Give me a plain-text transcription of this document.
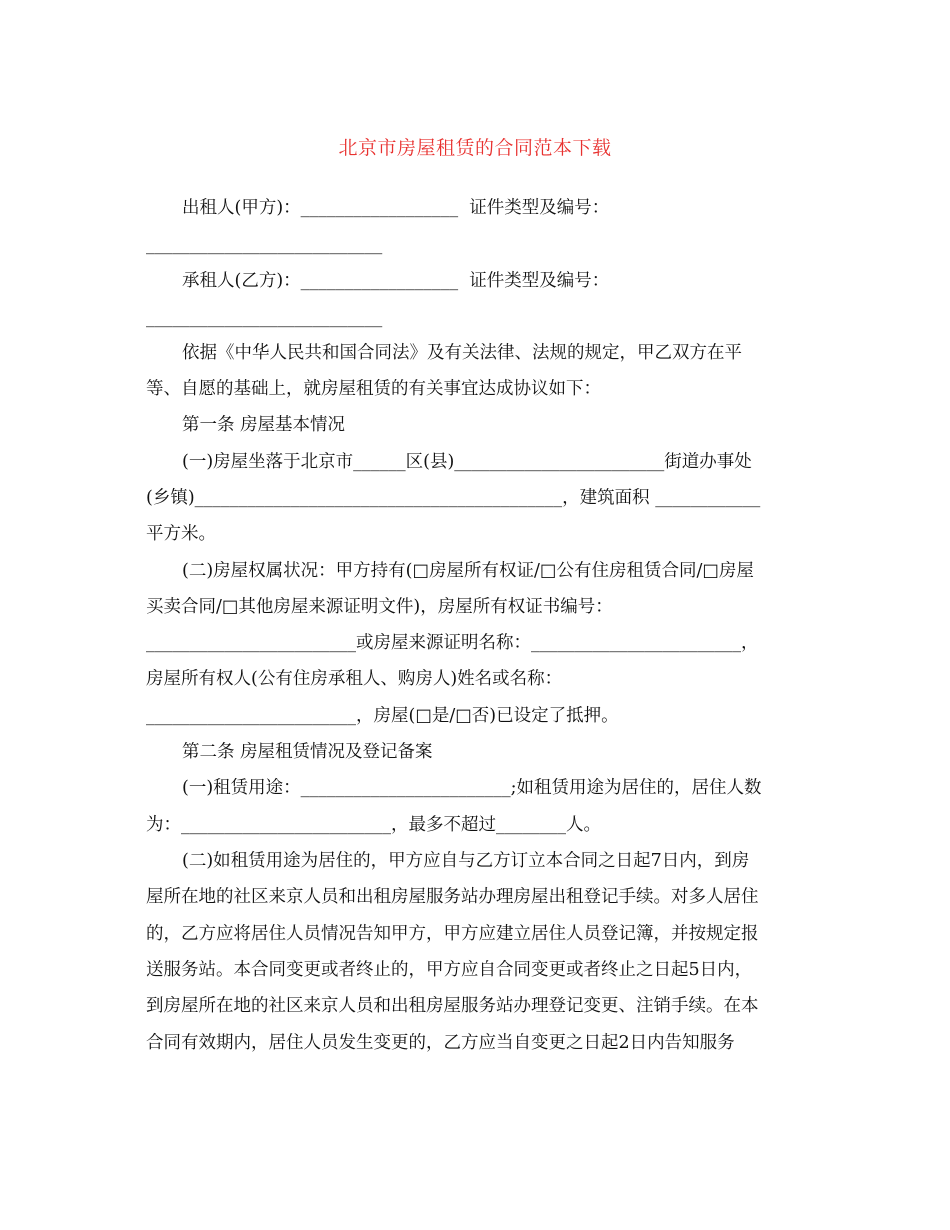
北京市房屋租赁的合同范本下载
出租人(甲方)：__________________  证件类型及编号：
___________________________
承租人(乙方)：__________________  证件类型及编号：
___________________________
依据《中华人民共和国合同法》及有关法律、法规的规定，甲乙双方在平
等、自愿的基础上，就房屋租赁的有关事宜达成协议如下：
第一条 房屋基本情况
(一)房屋坐落于北京市______区(县)________________________街道办事处
(乡镇)__________________________________________，建筑面积 ____________
平方米。
(二)房屋权属状况：甲方持有(□房屋所有权证/□公有住房租赁合同/□房屋
买卖合同/□其他房屋来源证明文件)，房屋所有权证书编号：
________________________或房屋来源证明名称：________________________，
房屋所有权人(公有住房承租人、购房人)姓名或名称：
________________________，房屋(□是/□否)已设定了抵押。
第二条 房屋租赁情况及登记备案
(一)租赁用途：________________________;如租赁用途为居住的，居住人数
为：________________________，最多不超过________人。
(二)如租赁用途为居住的，甲方应自与乙方订立本合同之日起7日内，到房
屋所在地的社区来京人员和出租房屋服务站办理房屋出租登记手续。对多人居住
的，乙方应将居住人员情况告知甲方，甲方应建立居住人员登记簿，并按规定报
送服务站。本合同变更或者终止的，甲方应自合同变更或者终止之日起5日内，
到房屋所在地的社区来京人员和出租房屋服务站办理登记变更、注销手续。在本
合同有效期内，居住人员发生变更的，乙方应当自变更之日起2日内告知服务
